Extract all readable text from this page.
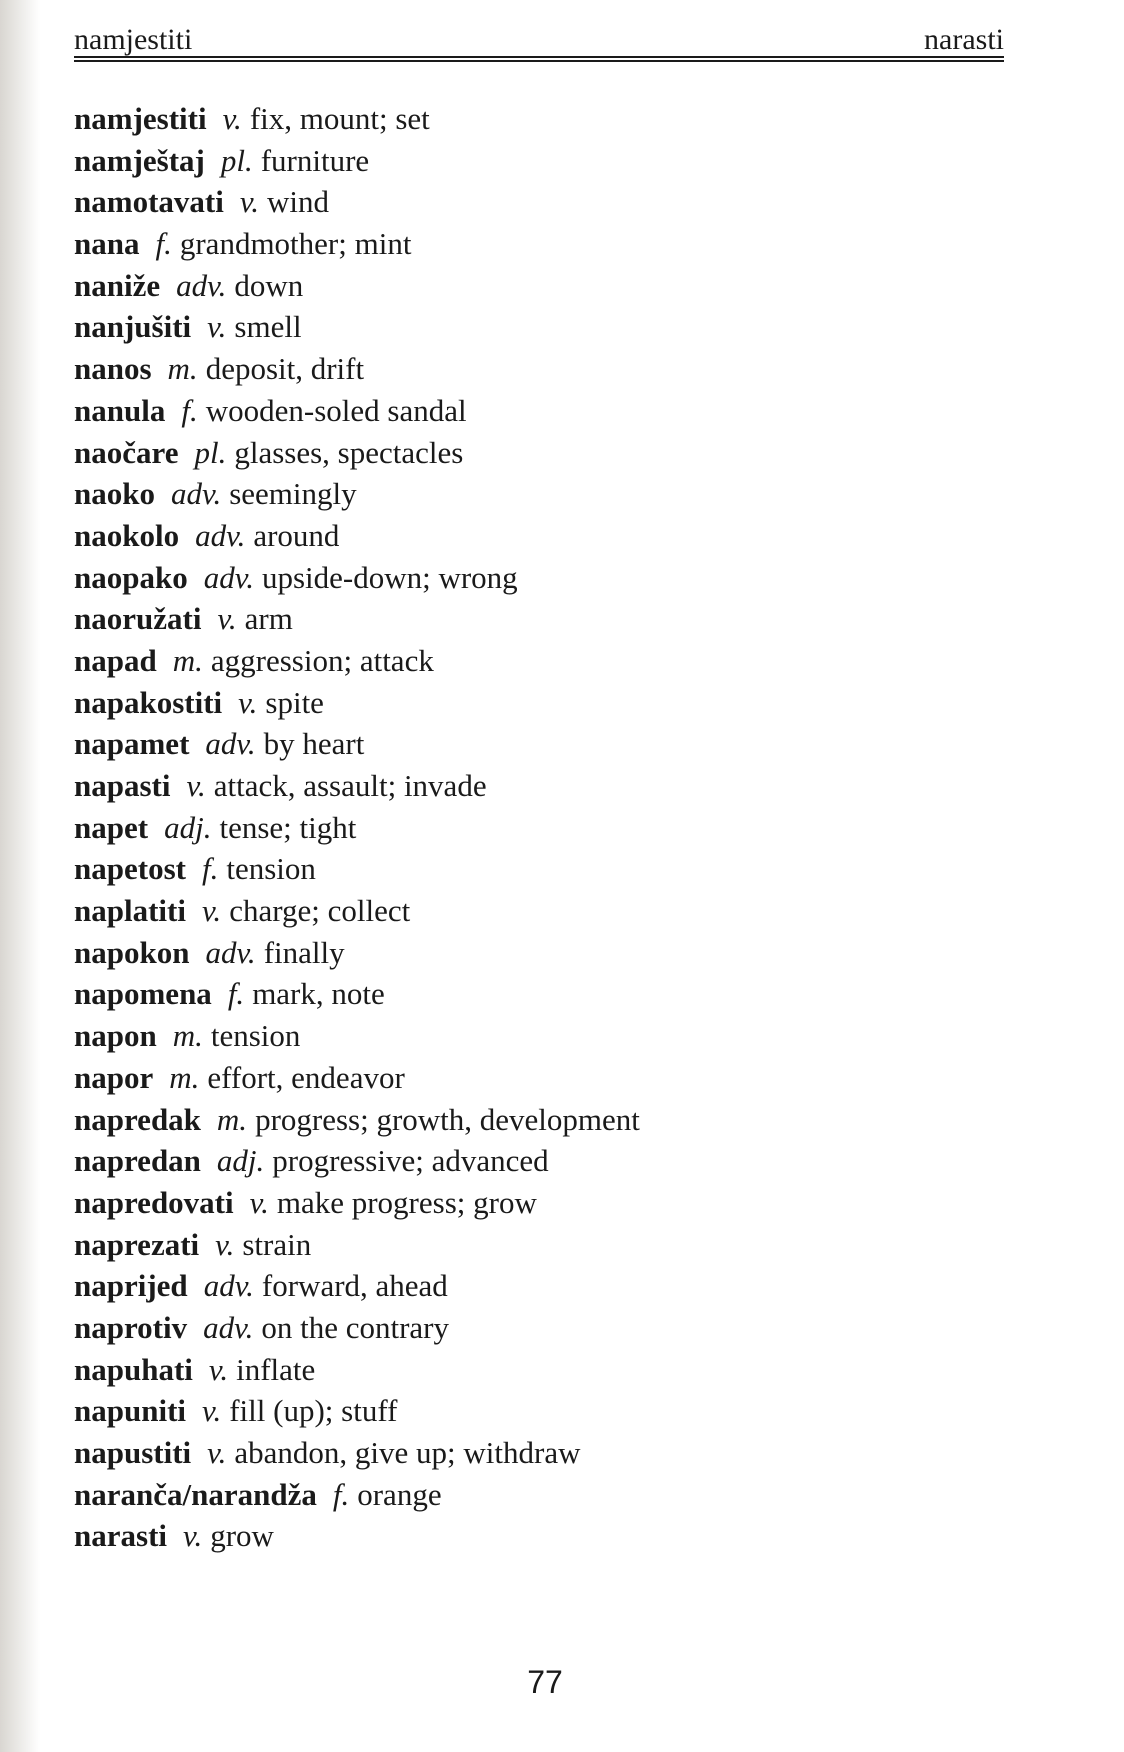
namjestiti	narasti
namjestiti v. fix, mount; set
namještaj pl. furniture
namotavati v. wind
nana f. grandmother; mint
naniže adv. down
nanjušiti v. smell
nanos m. deposit, drift
nanula f. wooden-soled sandal
naočare pl. glasses, spectacles
naoko adv. seemingly
naokolo adv. around
naopako adv. upside-down; wrong
naoružati v. arm
napad m. aggression; attack
napakostiti v. spite
napamet adv. by heart
napasti v. attack, assault; invade
napet adj. tense; tight
napetost f. tension
naplatiti v. charge; collect
napokon adv. finally
napomena f. mark, note
napon m. tension
napor m. effort, endeavor
napredak m. progress; growth, development
napredan adj. progressive; advanced
napredovati v. make progress; grow
naprezati v. strain
naprijed adv. forward, ahead
naprotiv adv. on the contrary
napuhati v. inflate
napuniti v. fill (up); stuff
napustiti v. abandon, give up; withdraw
naranča/narandža f. orange
narasti v. grow
77
